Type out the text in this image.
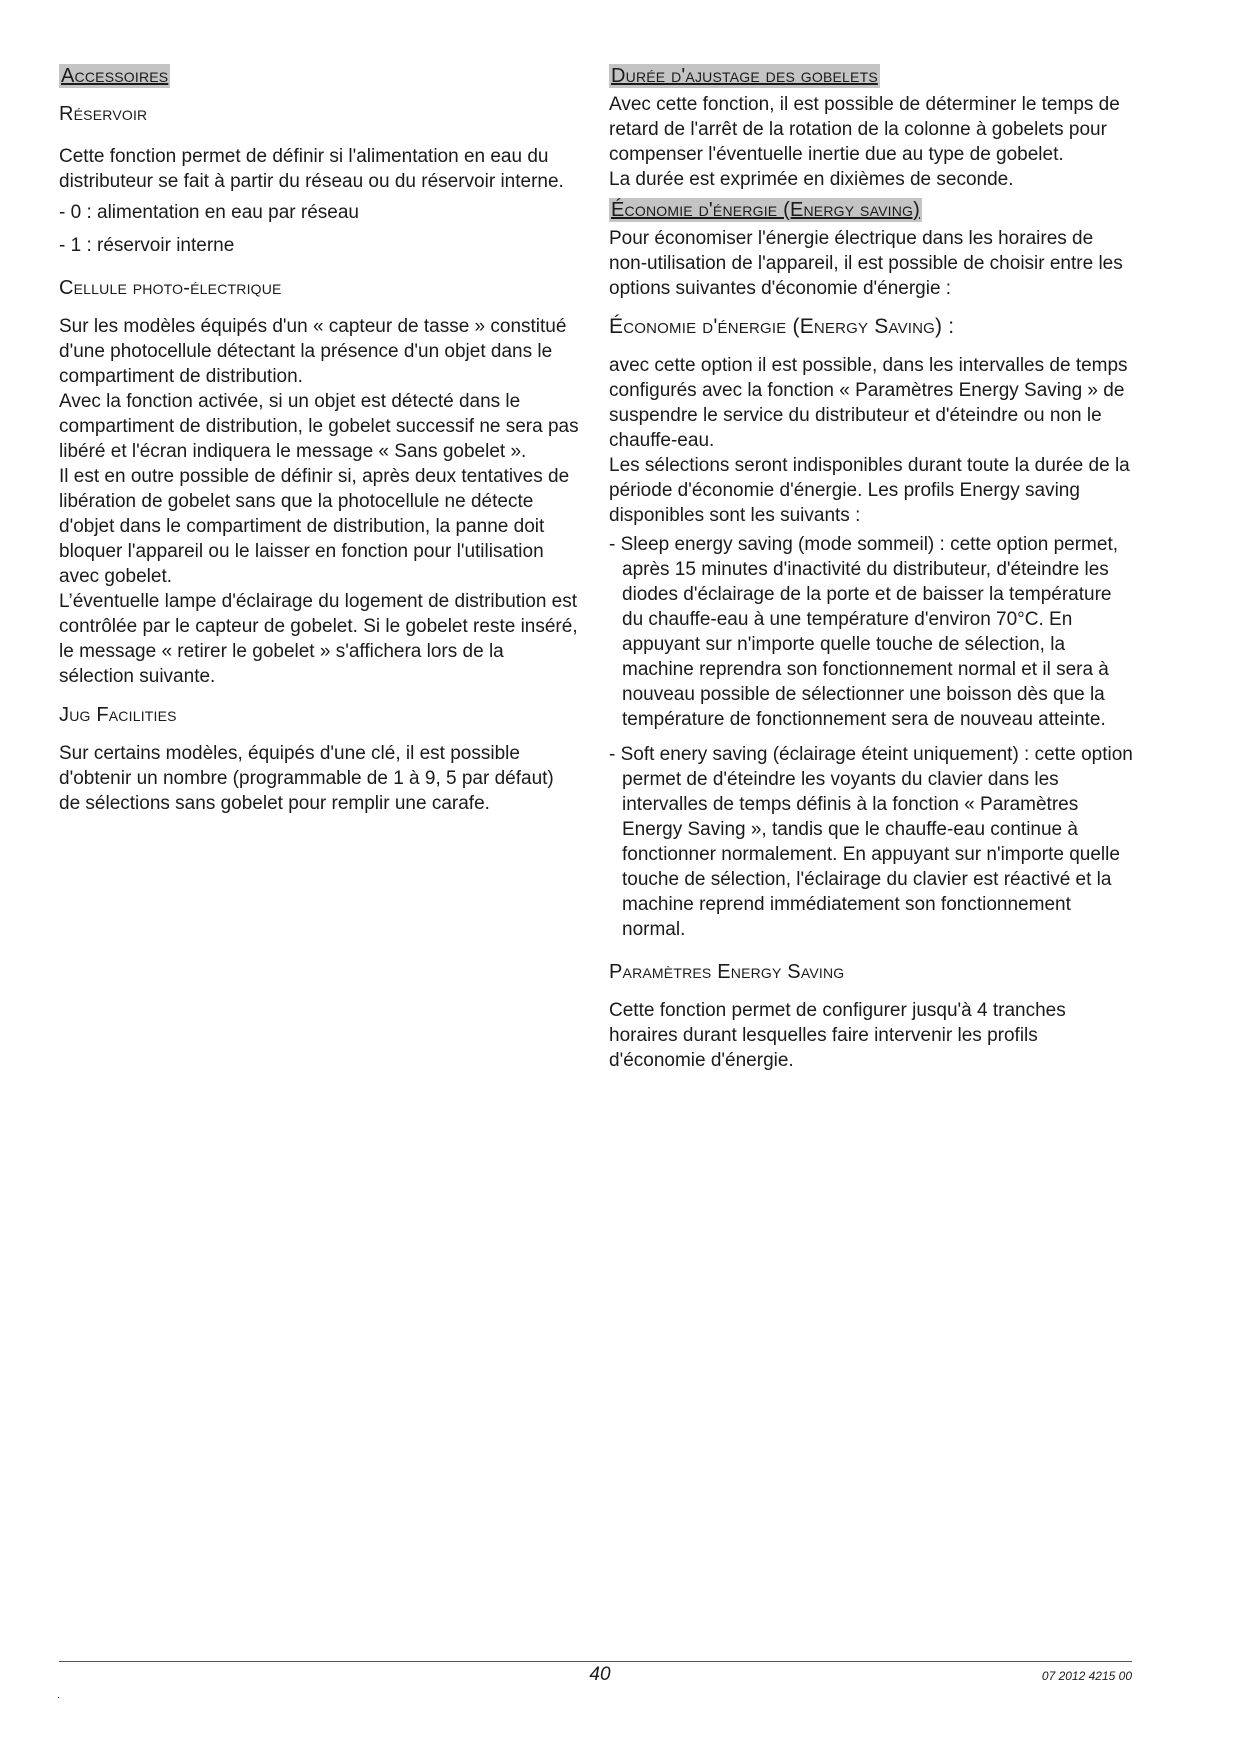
Accessoires
Réservoir

Cette fonction permet de définir si l'alimentation en eau du distributeur se fait à partir du réseau ou du réservoir interne.

- 0 : alimentation en eau par réseau

- 1 : réservoir interne

Cellule photo-électrique

Sur les modèles équipés d'un « capteur de tasse » constitué d'une photocellule détectant la présence d'un objet dans le compartiment de distribution.

Avec la fonction activée, si un objet est détecté dans le compartiment de distribution, le gobelet successif ne sera pas libéré et l'écran indiquera le message « Sans gobelet ».

Il est en outre possible de définir si, après deux tentatives de libération de gobelet sans que la photocellule ne détecte d'objet dans le compartiment de distribution, la panne doit bloquer l'appareil ou le laisser en fonction pour l'utilisation avec gobelet.

L’éventuelle lampe d'éclairage du logement de distribution est contrôlée par le capteur de gobelet. Si le gobelet reste inséré, le message « retirer le gobelet » s'affichera lors de la sélection suivante.

Jug Facilities

Sur certains modèles, équipés d'une clé, il est possible d'obtenir un nombre (programmable de 1 à 9, 5 par défaut) de sélections sans gobelet pour remplir une carafe.

Durée d'ajustage des gobelets

Avec cette fonction, il est possible de déterminer le temps de retard de l'arrêt de la rotation de la colonne à gobelets pour compenser l'éventuelle inertie due au type de gobelet.

La durée est exprimée en dixièmes de seconde.

Économie d'énergie (Energy saving)

Pour économiser l'énergie électrique dans les horaires de non-utilisation de l'appareil, il est possible de choisir entre les options suivantes d'économie d'énergie :

Économie d'énergie (Energy Saving) :

avec cette option il est possible, dans les intervalles de temps configurés avec la fonction « Paramètres Energy Saving » de suspendre le service du distributeur et d'éteindre ou non le chauffe-eau.

Les sélections seront indisponibles durant toute la durée de la période d'économie d'énergie. Les profils Energy saving disponibles sont les suivants :

- Sleep energy saving (mode sommeil) : cette option permet, après 15 minutes d'inactivité du distributeur, d'éteindre les diodes d'éclairage de la porte et de baisser la température du chauffe-eau à une température d'environ 70°C. En appuyant sur n'importe quelle touche de sélection, la machine reprendra son fonctionnement normal et il sera à nouveau possible de sélectionner une boisson dès que la température de fonctionnement sera de nouveau atteinte.

- Soft enery saving (éclairage éteint uniquement) : cette option permet de d'éteindre les voyants du clavier dans les intervalles de temps définis à la fonction « Paramètres Energy Saving », tandis que le chauffe-eau continue à fonctionner normalement. En appuyant sur n'importe quelle touche de sélection, l'éclairage du clavier est réactivé et la machine reprend immédiatement son fonctionnement normal.

Paramètres Energy Saving

Cette fonction permet de configurer jusqu'à 4 tranches horaires durant lesquelles faire intervenir les profils d'économie d'énergie.

40	07 2012 4215 00
.
